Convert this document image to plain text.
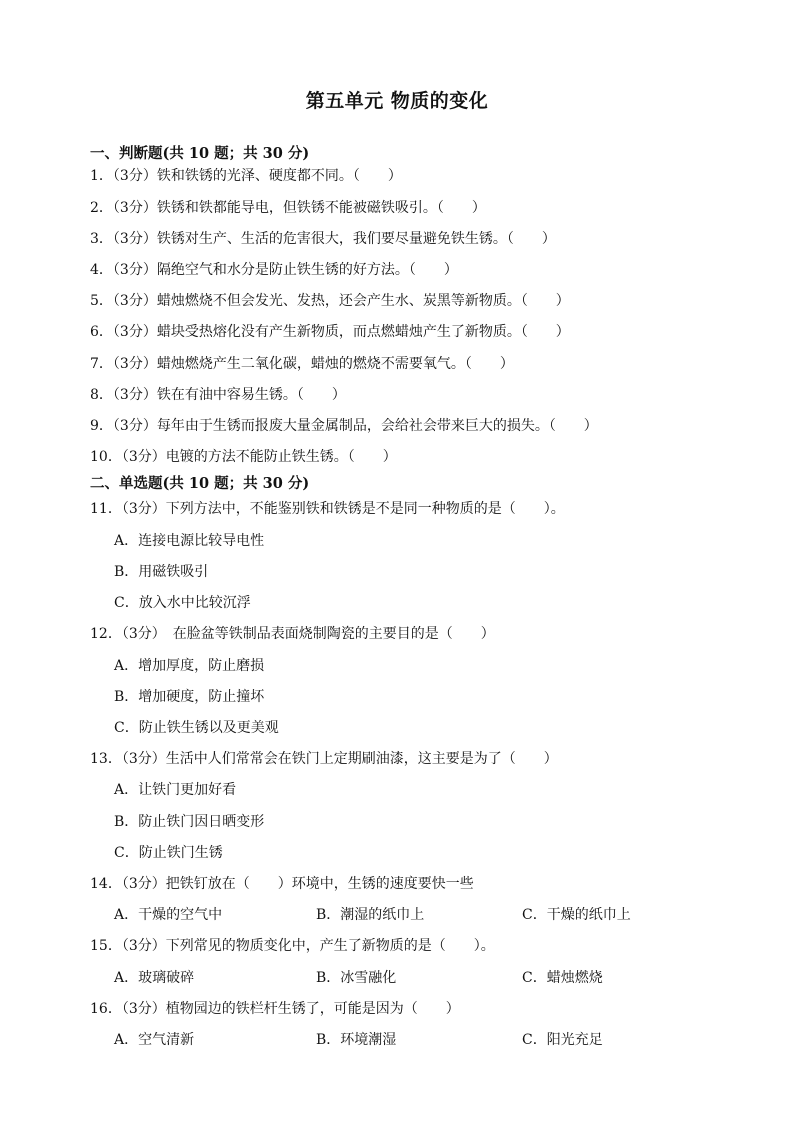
第五单元 物质的变化
一、判断题(共 10 题；共 30 分)
1．（3分）铁和铁锈的光泽、硬度都不同。（　　）
2．（3分）铁锈和铁都能导电，但铁锈不能被磁铁吸引。（　　）
3．（3分）铁锈对生产、生活的危害很大，我们要尽量避免铁生锈。（　　）
4．（3分）隔绝空气和水分是防止铁生锈的好方法。（　　）
5．（3分）蜡烛燃烧不但会发光、发热，还会产生水、炭黑等新物质。（　　）
6．（3分）蜡块受热熔化没有产生新物质，而点燃蜡烛产生了新物质。（　　）
7．（3分）蜡烛燃烧产生二氧化碳，蜡烛的燃烧不需要氧气。（　　）
8．（3分）铁在有油中容易生锈。（　　）
9．（3分）每年由于生锈而报废大量金属制品，会给社会带来巨大的损失。（　　）
10．（3分）电镀的方法不能防止铁生锈。（　　）
二、单选题(共 10 题；共 30 分)
11．（3分）下列方法中，不能鉴别铁和铁锈是不是同一种物质的是（　　）。
A．连接电源比较导电性
B．用磁铁吸引
C．放入水中比较沉浮
12．（3分）　在脸盆等铁制品表面烧制陶瓷的主要目的是（　　）
A．增加厚度，防止磨损
B．增加硬度，防止撞坏
C．防止铁生锈以及更美观
13．（3分）生活中人们常常会在铁门上定期刷油漆，这主要是为了（　　）
A．让铁门更加好看
B．防止铁门因日晒变形
C．防止铁门生锈
14．（3分）把铁钉放在（　　）环境中，生锈的速度要快一些
A．干燥的空气中	B．潮湿的纸巾上	C．干燥的纸巾上
15．（3分）下列常见的物质变化中，产生了新物质的是（　　）。
A．玻璃破碎	B．冰雪融化	C．蜡烛燃烧
16．（3分）植物园边的铁栏杆生锈了，可能是因为（　　）
A．空气清新	B．环境潮湿	C．阳光充足
